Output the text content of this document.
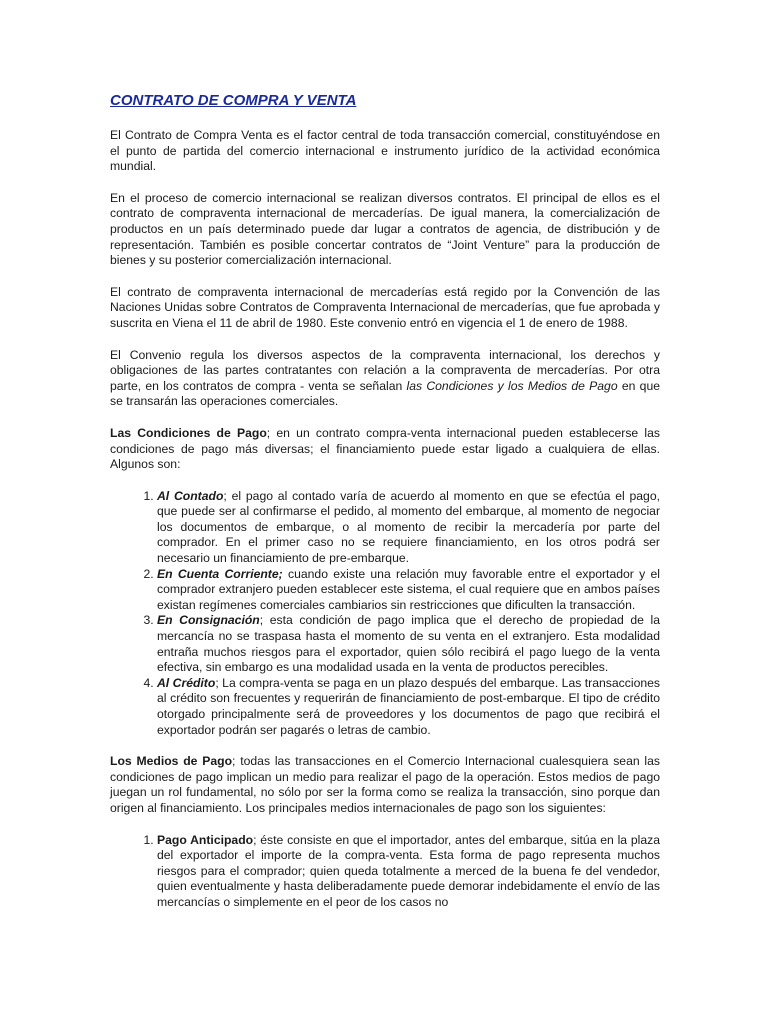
CONTRATO DE COMPRA Y VENTA

El Contrato de Compra Venta es el factor central de toda transacción comercial, constituyéndose en el punto de partida del comercio internacional e instrumento jurídico de la actividad económica mundial.

En el proceso de comercio internacional se realizan diversos contratos. El principal de ellos es el contrato de compraventa internacional de mercaderías. De igual manera, la comercialización de productos en un país determinado puede dar lugar a contratos de agencia, de distribución y de representación. También es posible concertar contratos de “Joint Venture” para la producción de bienes y su posterior comercialización internacional.

El contrato de compraventa internacional de mercaderías está regido por la Convención de las Naciones Unidas sobre Contratos de Compraventa Internacional de mercaderías, que fue aprobada y suscrita en Viena el 11 de abril de 1980. Este convenio entró en vigencia el 1 de enero de 1988.

El Convenio regula los diversos aspectos de la compraventa internacional, los derechos y obligaciones de las partes contratantes con relación a la compraventa de mercaderías. Por otra parte, en los contratos de compra - venta se señalan las Condiciones y los Medios de Pago en que se transarán las operaciones comerciales.

Las Condiciones de Pago; en un contrato compra-venta internacional pueden establecerse las condiciones de pago más diversas; el financiamiento puede estar ligado a cualquiera de ellas. Algunos son:

1. Al Contado; el pago al contado varía de acuerdo al momento en que se efectúa el pago, que puede ser al confirmarse el pedido, al momento del embarque, al momento de negociar los documentos de embarque, o al momento de recibir la mercadería por parte del comprador. En el primer caso no se requiere financiamiento, en los otros podrá ser necesario un financiamiento de pre-embarque.
2. En Cuenta Corriente; cuando existe una relación muy favorable entre el exportador y el comprador extranjero pueden establecer este sistema, el cual requiere que en ambos países existan regímenes comerciales cambiarios sin restricciones que dificulten la transacción.
3. En Consignación; esta condición de pago implica que el derecho de propiedad de la mercancía no se traspasa hasta el momento de su venta en el extranjero. Esta modalidad entraña muchos riesgos para el exportador, quien sólo recibirá el pago luego de la venta efectiva, sin embargo es una modalidad usada en la venta de productos perecibles.
4. Al Crédito; La compra-venta se paga en un plazo después del embarque. Las transacciones al crédito son frecuentes y requerirán de financiamiento de post-embarque. El tipo de crédito otorgado principalmente será de proveedores y los documentos de pago que recibirá el exportador podrán ser pagarés o letras de cambio.

Los Medios de Pago; todas las transacciones en el Comercio Internacional cualesquiera sean las condiciones de pago implican un medio para realizar el pago de la operación. Estos medios de pago juegan un rol fundamental, no sólo por ser la forma como se realiza la transacción, sino porque dan origen al financiamiento. Los principales medios internacionales de pago son los siguientes:

1. Pago Anticipado; éste consiste en que el importador, antes del embarque, sitúa en la plaza del exportador el importe de la compra-venta. Esta forma de pago representa muchos riesgos para el comprador; quien queda totalmente a merced de la buena fe del vendedor, quien eventualmente y hasta deliberadamente puede demorar indebidamente el envío de las mercancías o simplemente en el peor de los casos no
